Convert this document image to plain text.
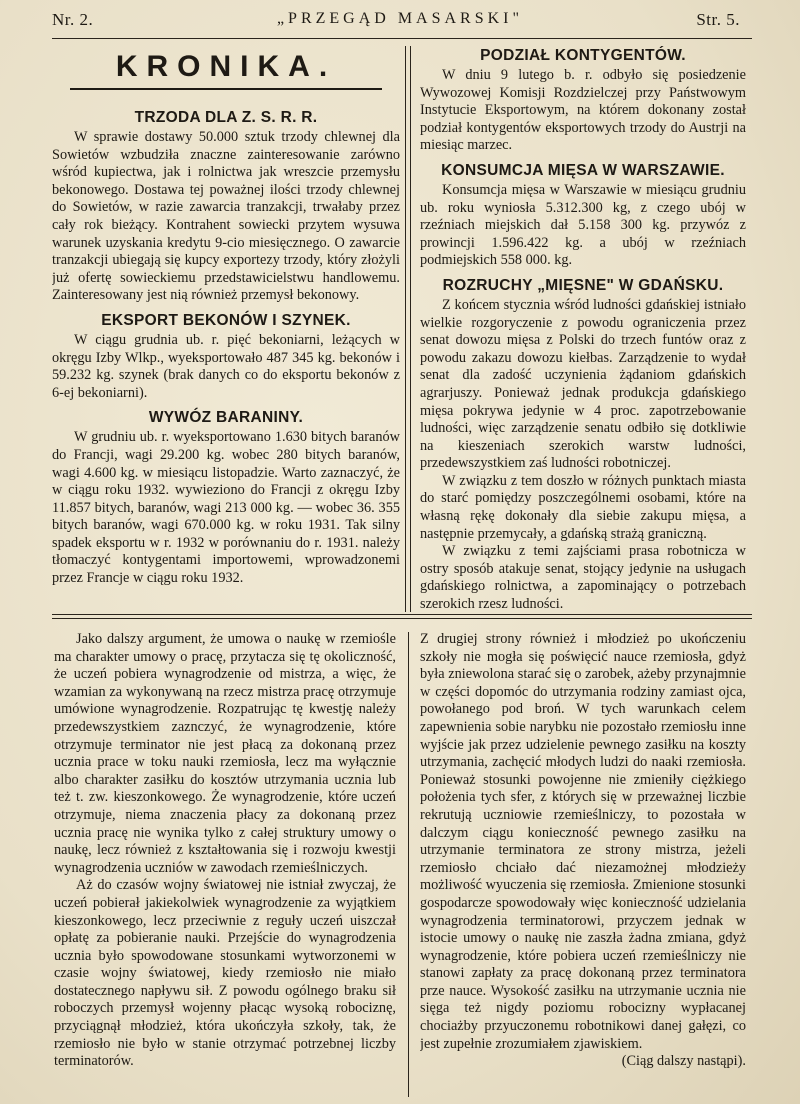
Nr. 2.	„PRZEGĄD MASARSKI"	Str. 5.
KRONIKA.
TRZODA DLA Z. S. R. R.

W sprawie dostawy 50.000 sztuk trzody chlewnej dla Sowietów wzbudziła znaczne zainteresowanie zarówno wśród kupiectwa, jak i rolnictwa jak wreszcie przemysłu bekonowego. Dostawa tej poważnej ilości trzody chlewnej do Sowietów, w razie zawarcia tranzakcji, trwałaby przez cały rok bieżący. Kontrahent sowiecki przytem wysuwa warunek uzyskania kredytu 9-cio miesięcznego. O zawarcie tranzakcji ubiegają się kupcy exportezy trzody, który złożyli już ofertę sowieckiemu przedstawicielstwu handlowemu. Zainteresowany jest nią również przemysł bekonowy.

EKSPORT BEKONÓW I SZYNEK.

W ciągu grudnia ub. r. pięć bekoniarni, leżących w okręgu Izby Wlkp., wyeksportowało 487 345 kg. bekonów i 59.232 kg. szynek (brak danych co do eksportu bekonów z 6-ej bekoniarni).

WYWÓZ BARANINY.

W grudniu ub. r. wyeksportowano 1.630 bitych baranów do Francji, wagi 29.200 kg. wobec 280 bitych baranów, wagi 4.600 kg. w miesiącu listopadzie. Warto zaznaczyć, że w ciągu roku 1932. wywieziono do Francji z okręgu Izby 11.857 bitych, baranów, wagi 213 000 kg. — wobec 36. 355 bitych baranów, wagi 670.000 kg. w roku 1931. Tak silny spadek eksportu w r. 1932 w porównaniu do r. 1931. należy tłomaczyć kontygentami importowemi, wprowadzonemi przez Francje w ciągu roku 1932.

PODZIAŁ KONTYGENTÓW.

W dniu 9 lutego b. r. odbyło się posiedzenie Wywozowej Komisji Rozdzielczej przy Państwowym Instytucie Eksportowym, na którem dokonany został podział kontygentów eksportowych trzody do Austrji na miesiąc marzec.

KONSUMCJA MIĘSA W WARSZAWIE.

Konsumcja mięsa w Warszawie w miesiącu grudniu ub. roku wyniosła 5.312.300 kg, z czego ubój w rzeźniach miejskich dał 5.158 300 kg. przywóz z prowincji 1.596.422 kg. a ubój w rzeźniach podmiejskich 558 000. kg.

ROZRUCHY „MIĘSNE" W GDAŃSKU.

Z końcem stycznia wśród ludności gdańskiej istniało wielkie rozgoryczenie z powodu ograniczenia przez senat dowozu mięsa z Polski do trzech funtów oraz z powodu zakazu dowozu kiełbas. Zarządzenie to wydał senat dla zadość uczynienia żądaniom gdańskich agrarjuszy. Ponieważ jednak produkcja gdańskiego mięsa pokrywa jedynie w 4 proc. zapotrzebowanie ludności, więc zarządzenie senatu odbiło się dotkliwie na kieszeniach szerokich warstw ludności, przedewszystkiem zaś ludności robotniczej.

W związku z tem doszło w różnych punktach miasta do starć pomiędzy poszczególnemi osobami, które na własną rękę dokonały dla siebie zakupu mięsa, a następnie przemycały, a gdańską strażą graniczną.

W związku z temi zajściami prasa robotnicza w ostry sposób atakuje senat, stojący jedynie na usługach gdańskiego rolnictwa, a zapominający o potrzebach szerokich rzesz ludności.

Jako dalszy argument, że umowa o naukę w rzemiośle ma charakter umowy o pracę, przytacza się tę okoliczność, że uczeń pobiera wynagrodzenie od mistrza, a więc, że wzamian za wykonywaną na rzecz mistrza pracę otrzymuje umówione wynagrodzenie. Rozpatrując tę kwestję należy przedewszystkiem zaznczyć, że wynagrodzenie, które otrzymuje terminator nie jest płacą za dokonaną przez ucznia prace w toku nauki rzemiosła, lecz ma wyłącznie albo charakter zasiłku do kosztów utrzymania ucznia lub też t. zw. kieszonkowego. Że wynagrodzenie, które uczeń otrzymuje, niema znaczenia płacy za dokonaną przez ucznia pracę nie wynika tylko z całej struktury umowy o naukę, lecz również z kształtowania się i rozwoju kwestji wynagrodzenia uczniów w zawodach rzemieślniczych.

Aż do czasów wojny światowej nie istniał zwyczaj, że uczeń pobierał jakiekolwiek wynagrodzenie za wyjątkiem kieszonkowego, lecz przeciwnie z reguły uczeń uiszczał opłatę za pobieranie nauki. Przejście do wynagrodzenia ucznia było spowodowane stosunkami wytworzonemi w czasie wojny światowej, kiedy rzemiosło nie miało dostatecznego napływu sił. Z powodu ogólnego braku sił roboczych przemysł wojenny płacąc wysoką robociznę, przyciągnął młodzież, która ukończyła szkoły, tak, że rzemiosło nie było w stanie otrzymać potrzebnej liczby terminatorów.

Z drugiej strony również i młodzież po ukończeniu szkoły nie mogła się poświęcić nauce rzemiosła, gdyż była zniewolona starać się o zarobek, ażeby przynajmnie w części dopomóc do utrzymania rodziny zamiast ojca, powołanego pod broń. W tych warunkach celem zapewnienia sobie narybku nie pozostało rzemiosłu inne wyjście jak przez udzielenie pewnego zasiłku na koszty utrzymania, zachęcić młodych ludzi do naaki rzemiosła. Ponieważ stosunki powojenne nie zmieniły ciężkiego położenia tych sfer, z których się w przeważnej liczbie rekrutują uczniowie rzemieślniczy, to pozostała w dalczym ciągu konieczność pewnego zasiłku na utrzymanie terminatora ze strony mistrza, jeżeli rzemiosło chciało dać niezamożnej młodzieży możliwość wyuczenia się rzemiosła. Zmienione stosunki gospodarcze spowodowały więc konieczność udzielania wynagrodzenia terminatorowi, przyczem jednak w istocie umowy o naukę nie zaszła żadna zmiana, gdyż wynagrodzenie, które pobiera uczeń rzemieślniczy nie stanowi zapłaty za pracę dokonaną przez terminatora prze nauce. Wysokość zasiłku na utrzymanie ucznia nie sięga też nigdy poziomu robocizny wypłacanej chociażby przyuczonemu robotnikowi danej gałęzi, co jest zupełnie zrozumiałem zjawiskiem.

(Ciąg dalszy nastąpi).
